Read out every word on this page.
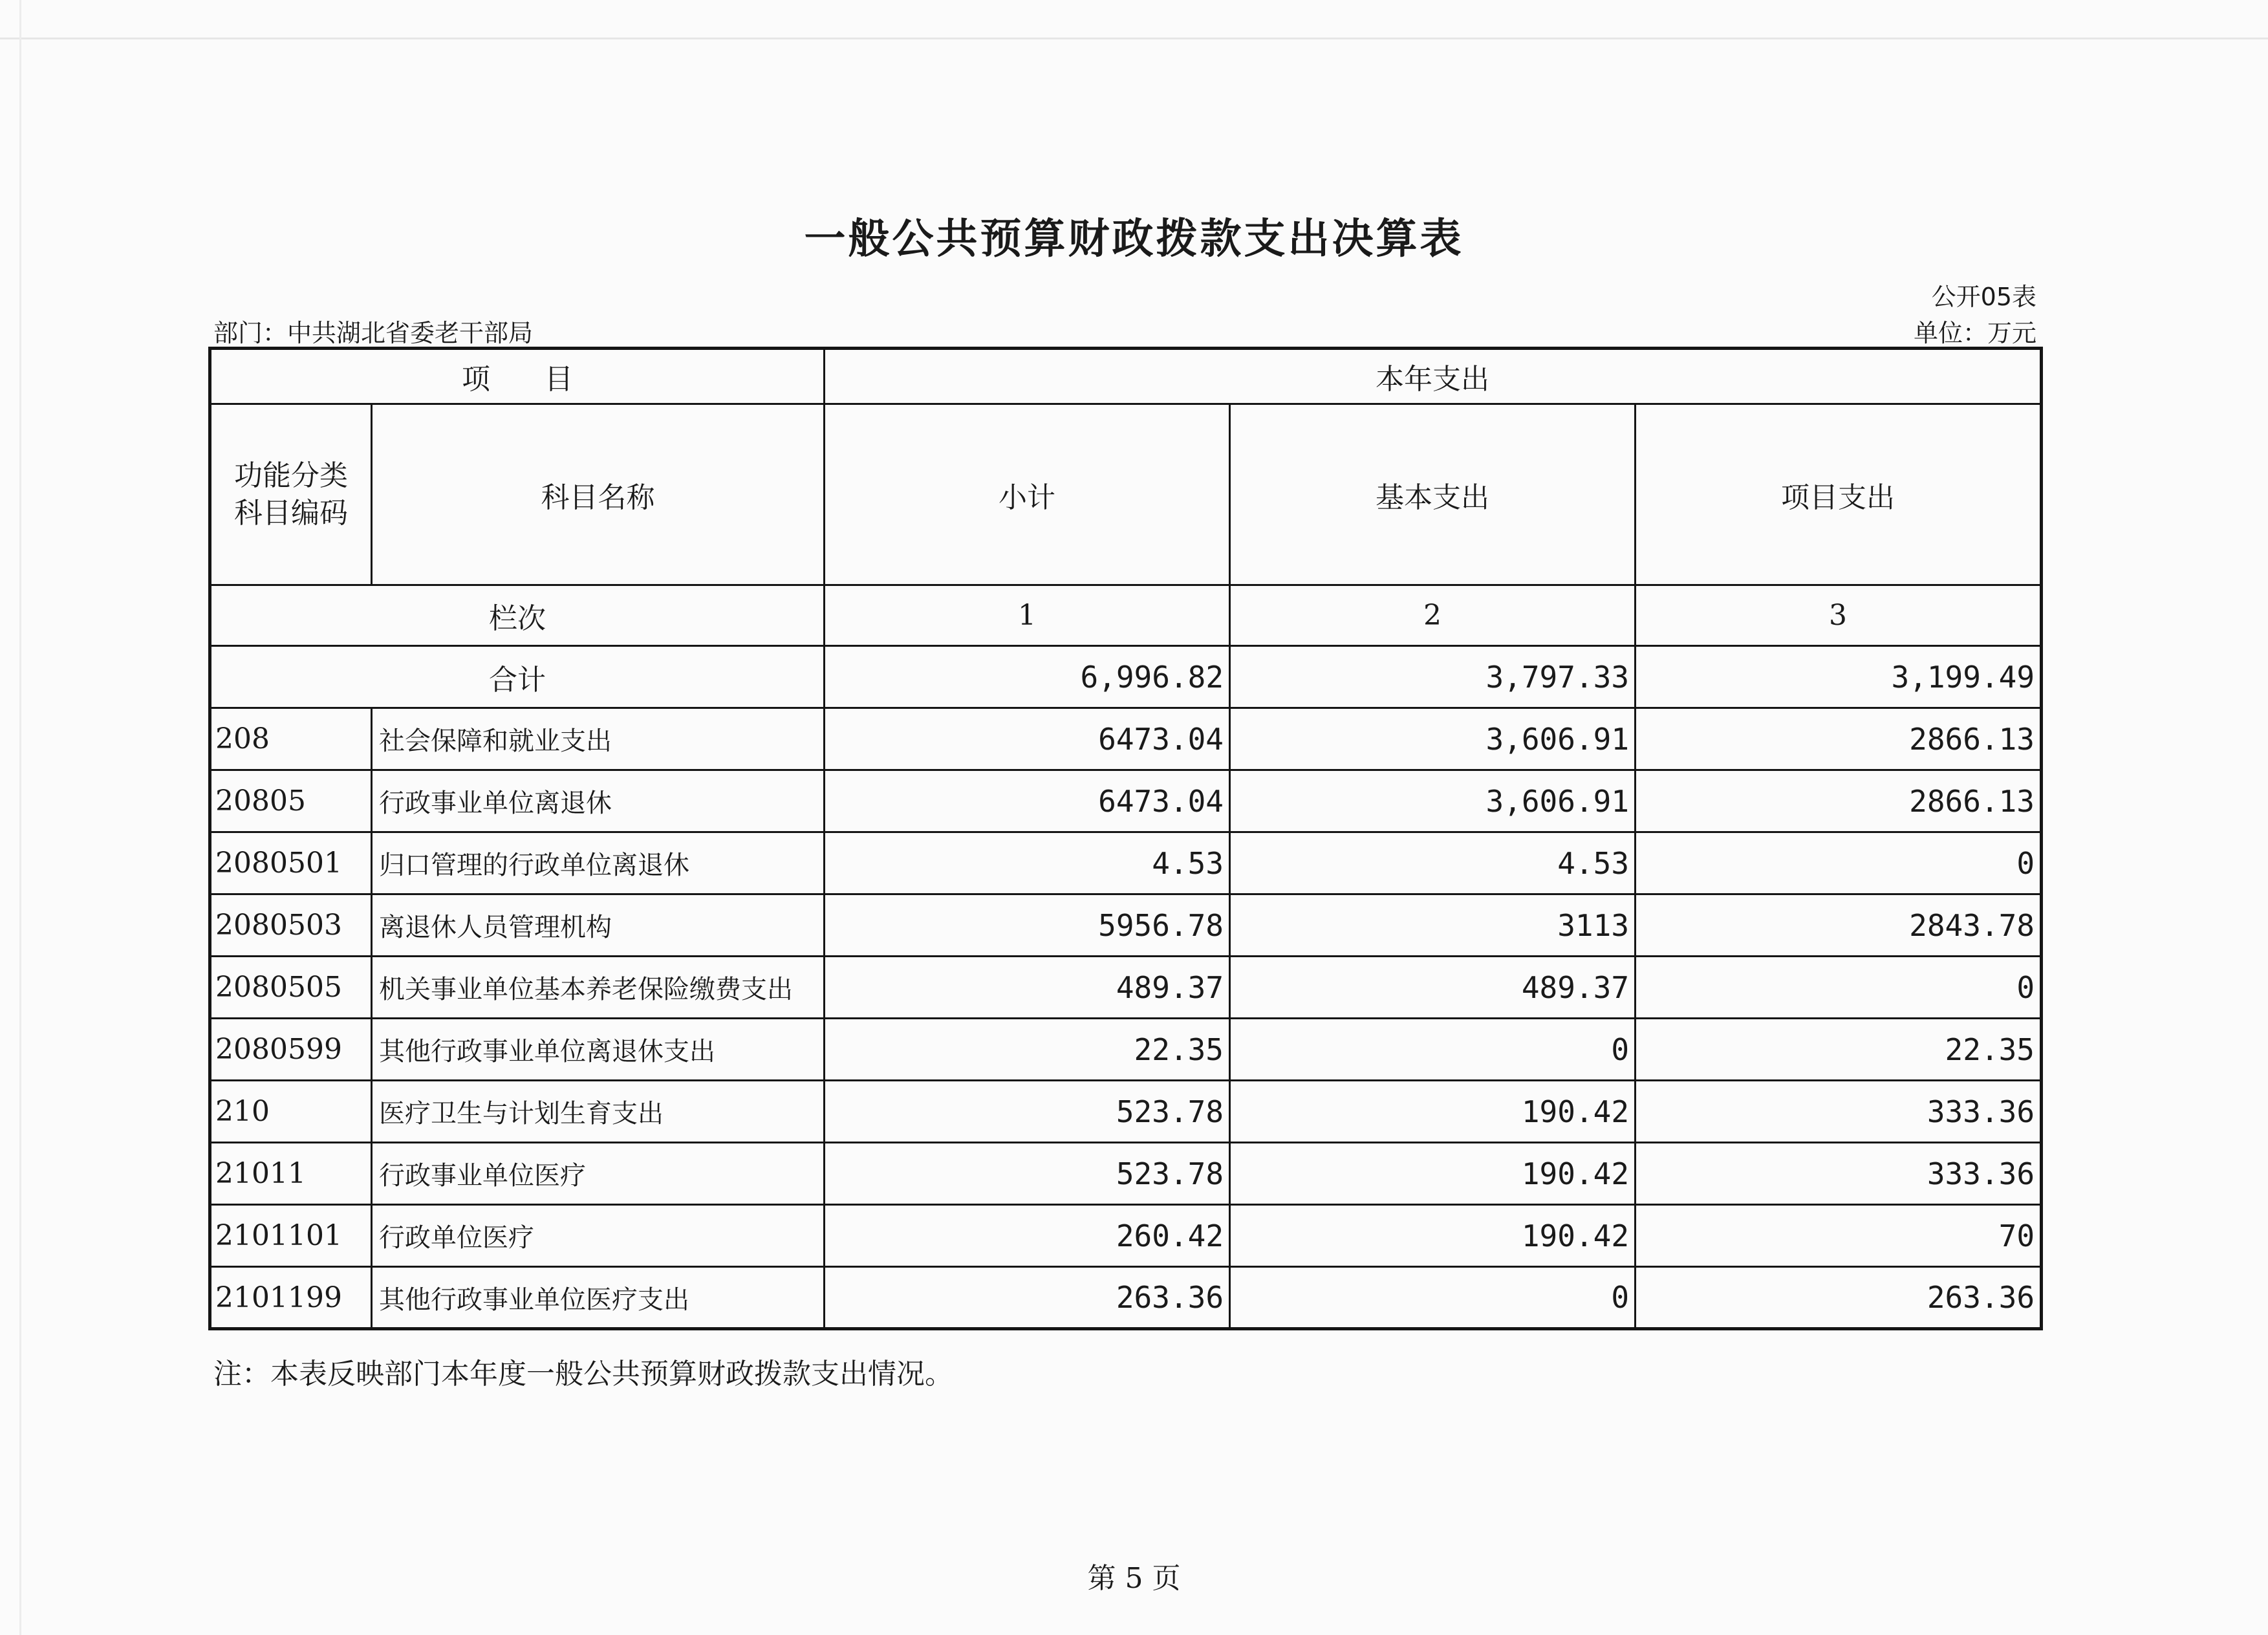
一般公共预算财政拨款支出决算表
公开05表
部门：中共湖北省委老干部局	单位：万元
项      目		本年支出		

功能分类
科目编码	科目名称	小计	基本支出	项目支出
栏次		1	2	3
合计		6,996.82	3,797.33	3,199.49
208	社会保障和就业支出	6473.04	3,606.91	2866.13
20805	行政事业单位离退休	6473.04	3,606.91	2866.13
2080501	归口管理的行政单位离退休	4.53	4.53	0
2080503	离退休人员管理机构	5956.78	3113	2843.78
2080505	机关事业单位基本养老保险缴费支出	489.37	489.37	0
2080599	其他行政事业单位离退休支出	22.35	0	22.35
210	医疗卫生与计划生育支出	523.78	190.42	333.36
21011	行政事业单位医疗	523.78	190.42	333.36
2101101	行政单位医疗	260.42	190.42	70
2101199	其他行政事业单位医疗支出	263.36	0	263.36
注：本表反映部门本年度一般公共预算财政拨款支出情况。
第 5 页
